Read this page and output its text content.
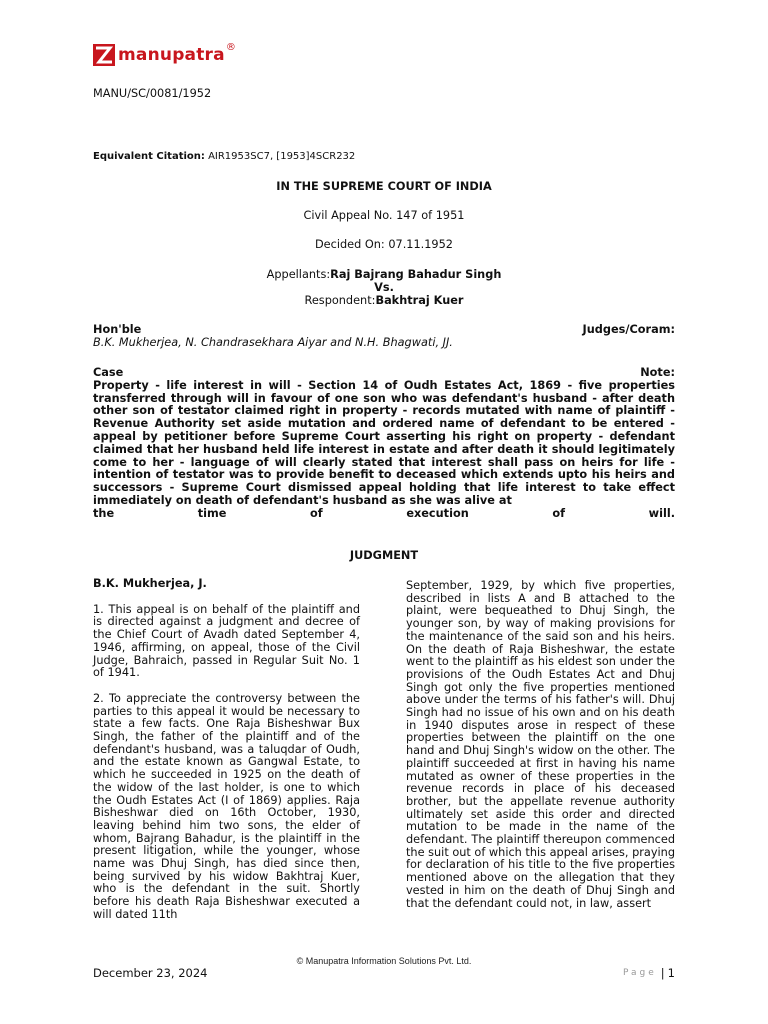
manupatra ®
MANU/SC/0081/1952
Equivalent Citation: AIR1953SC7, [1953]4SCR232
IN THE SUPREME COURT OF INDIA
Civil Appeal No. 147 of 1951
Decided On: 07.11.1952
Appellants:Raj Bajrang Bahadur Singh
Vs.
Respondent:Bakhtraj Kuer
Hon'ble	Judges/Coram:
B.K. Mukherjea, N. Chandrasekhara Aiyar and N.H. Bhagwati, JJ.
Case	Note:
Property - life interest in will - Section 14 of Oudh Estates Act, 1869 - five properties transferred through will in favour of one son who was defendant's husband - after death other son of testator claimed right in property - records mutated with name of plaintiff - Revenue Authority set aside mutation and ordered name of defendant to be entered - appeal by petitioner before Supreme Court asserting his right on property - defendant claimed that her husband held life interest in estate and after death it should legitimately come to her - language of will clearly stated that interest shall pass on heirs for life - intention of testator was to provide benefit to deceased which extends upto his heirs and successors - Supreme Court dismissed appeal holding that life interest to take effect immediately on death of defendant's husband as she was alive at
the time of execution of will.
JUDGMENT

B.K. Mukherjea, J.

1. This appeal is on behalf of the plaintiff and is directed against a judgment and decree of the Chief Court of Avadh dated September 4, 1946, affirming, on appeal, those of the Civil Judge, Bahraich, passed in Regular Suit No. 1 of 1941.

2. To appreciate the controversy between the parties to this appeal it would be necessary to state a few facts. One Raja Bisheshwar Bux Singh, the father of the plaintiff and of the defendant's husband, was a taluqdar of Oudh, and the estate known as Gangwal Estate, to which he succeeded in 1925 on the death of the widow of the last holder, is one to which the Oudh Estates Act (I of 1869) applies. Raja Bisheshwar died on 16th October, 1930, leaving behind him two sons, the elder of whom, Bajrang Bahadur, is the plaintiff in the present litigation, while the younger, whose name was Dhuj Singh, has died since then, being survived by his widow Bakhtraj Kuer, who is the defendant in the suit. Shortly before his death Raja Bisheshwar executed a will dated 11th

September, 1929, by which five properties, described in lists A and B attached to the plaint, were bequeathed to Dhuj Singh, the younger son, by way of making provisions for the maintenance of the said son and his heirs. On the death of Raja Bisheshwar, the estate went to the plaintiff as his eldest son under the provisions of the Oudh Estates Act and Dhuj Singh got only the five properties mentioned above under the terms of his father's will. Dhuj Singh had no issue of his own and on his death in 1940 disputes arose in respect of these properties between the plaintiff on the one hand and Dhuj Singh's widow on the other. The plaintiff succeeded at first in having his name mutated as owner of these properties in the revenue records in place of his deceased brother, but the appellate revenue authority ultimately set aside this order and directed mutation to be made in the name of the defendant. The plaintiff thereupon commenced the suit out of which this appeal arises, praying for declaration of his title to the five properties mentioned above on the allegation that they vested in him on the death of Dhuj Singh and that the defendant could not, in law, assert

© Manupatra Information Solutions Pvt. Ltd.
December 23, 2024	Page | 1
